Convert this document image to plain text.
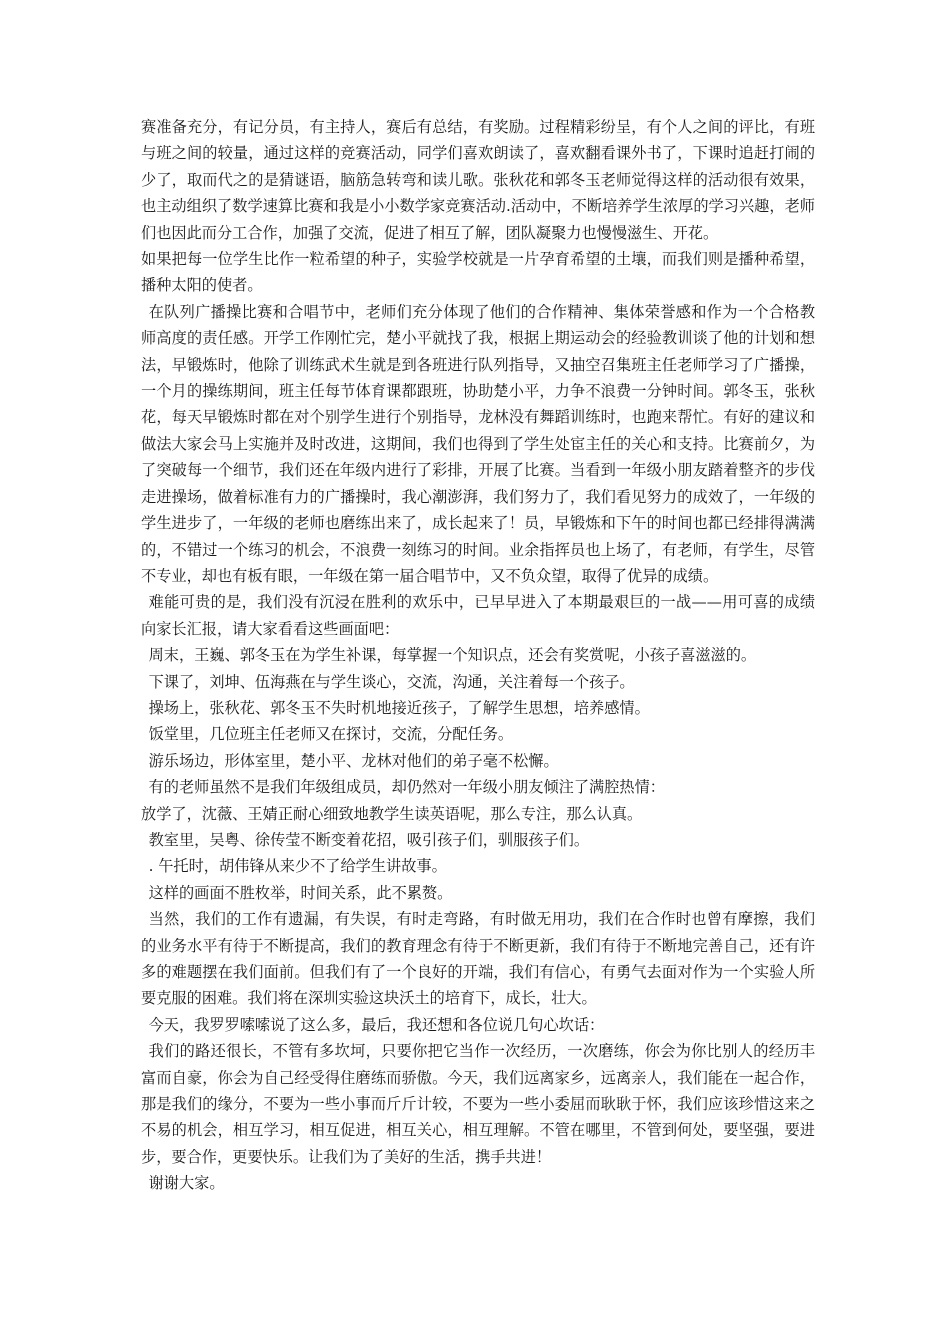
赛准备充分，有记分员，有主持人，赛后有总结，有奖励。过程精彩纷呈，有个人之间的评比，有班与班之间的较量，通过这样的竞赛活动，同学们喜欢朗读了，喜欢翻看课外书了，下课时追赶打闹的少了，取而代之的是猜谜语，脑筋急转弯和读儿歌。张秋花和郭冬玉老师觉得这样的活动很有效果，也主动组织了数学速算比赛和我是小小数学家竞赛活动.活动中，不断培养学生浓厚的学习兴趣，老师们也因此而分工合作，加强了交流，促进了相互了解，团队凝聚力也慢慢滋生、开花。

如果把每一位学生比作一粒希望的种子，实验学校就是一片孕育希望的土壤，而我们则是播种希望，播种太阳的使者。

在队列广播操比赛和合唱节中，老师们充分体现了他们的合作精神、集体荣誉感和作为一个合格教师高度的责任感。开学工作刚忙完，楚小平就找了我，根据上期运动会的经验教训谈了他的计划和想法，早锻炼时，他除了训练武术生就是到各班进行队列指导，又抽空召集班主任老师学习了广播操，一个月的操练期间，班主任每节体育课都跟班，协助楚小平，力争不浪费一分钟时间。郭冬玉，张秋花，每天早锻炼时都在对个别学生进行个别指导，龙林没有舞蹈训练时，也跑来帮忙。有好的建议和做法大家会马上实施并及时改进，这期间，我们也得到了学生处宦主任的关心和支持。比赛前夕，为了突破每一个细节，我们还在年级内进行了彩排，开展了比赛。当看到一年级小朋友踏着整齐的步伐走进操场，做着标准有力的广播操时，我心潮澎湃，我们努力了，我们看见努力的成效了，一年级的学生进步了，一年级的老师也磨练出来了，成长起来了！员，早锻炼和下午的时间也都已经排得满满的，不错过一个练习的机会，不浪费一刻练习的时间。业余指挥员也上场了，有老师，有学生，尽管不专业，却也有板有眼，一年级在第一届合唱节中，又不负众望，取得了优异的成绩。

难能可贵的是，我们没有沉浸在胜利的欢乐中，已早早进入了本期最艰巨的一战——用可喜的成绩向家长汇报，请大家看看这些画面吧：

周末，王巍、郭冬玉在为学生补课，每掌握一个知识点，还会有奖赏呢，小孩子喜滋滋的。

下课了，刘坤、伍海燕在与学生谈心，交流，沟通，关注着每一个孩子。

操场上，张秋花、郭冬玉不失时机地接近孩子，了解学生思想，培养感情。

饭堂里，几位班主任老师又在探讨，交流，分配任务。

游乐场边，形体室里，楚小平、龙林对他们的弟子毫不松懈。

有的老师虽然不是我们年级组成员，却仍然对一年级小朋友倾注了满腔热情：

放学了，沈薇、王婧正耐心细致地教学生读英语呢，那么专注，那么认真。

教室里，吴粤、徐传莹不断变着花招，吸引孩子们，驯服孩子们。

. 午托时，胡伟锋从来少不了给学生讲故事。

这样的画面不胜枚举，时间关系，此不累赘。

当然，我们的工作有遗漏，有失误，有时走弯路，有时做无用功，我们在合作时也曾有摩擦，我们的业务水平有待于不断提高，我们的教育理念有待于不断更新，我们有待于不断地完善自己，还有许多的难题摆在我们面前。但我们有了一个良好的开端，我们有信心，有勇气去面对作为一个实验人所要克服的困难。我们将在深圳实验这块沃土的培育下，成长，壮大。

今天，我罗罗嗦嗦说了这么多，最后，我还想和各位说几句心坎话：

我们的路还很长，不管有多坎坷，只要你把它当作一次经历，一次磨练，你会为你比别人的经历丰富而自豪，你会为自己经受得住磨练而骄傲。今天，我们远离家乡，远离亲人，我们能在一起合作，那是我们的缘分，不要为一些小事而斤斤计较，不要为一些小委屈而耿耿于怀，我们应该珍惜这来之不易的机会，相互学习，相互促进，相互关心，相互理解。不管在哪里，不管到何处，要坚强，要进步，要合作，更要快乐。让我们为了美好的生活，携手共进！

谢谢大家。
